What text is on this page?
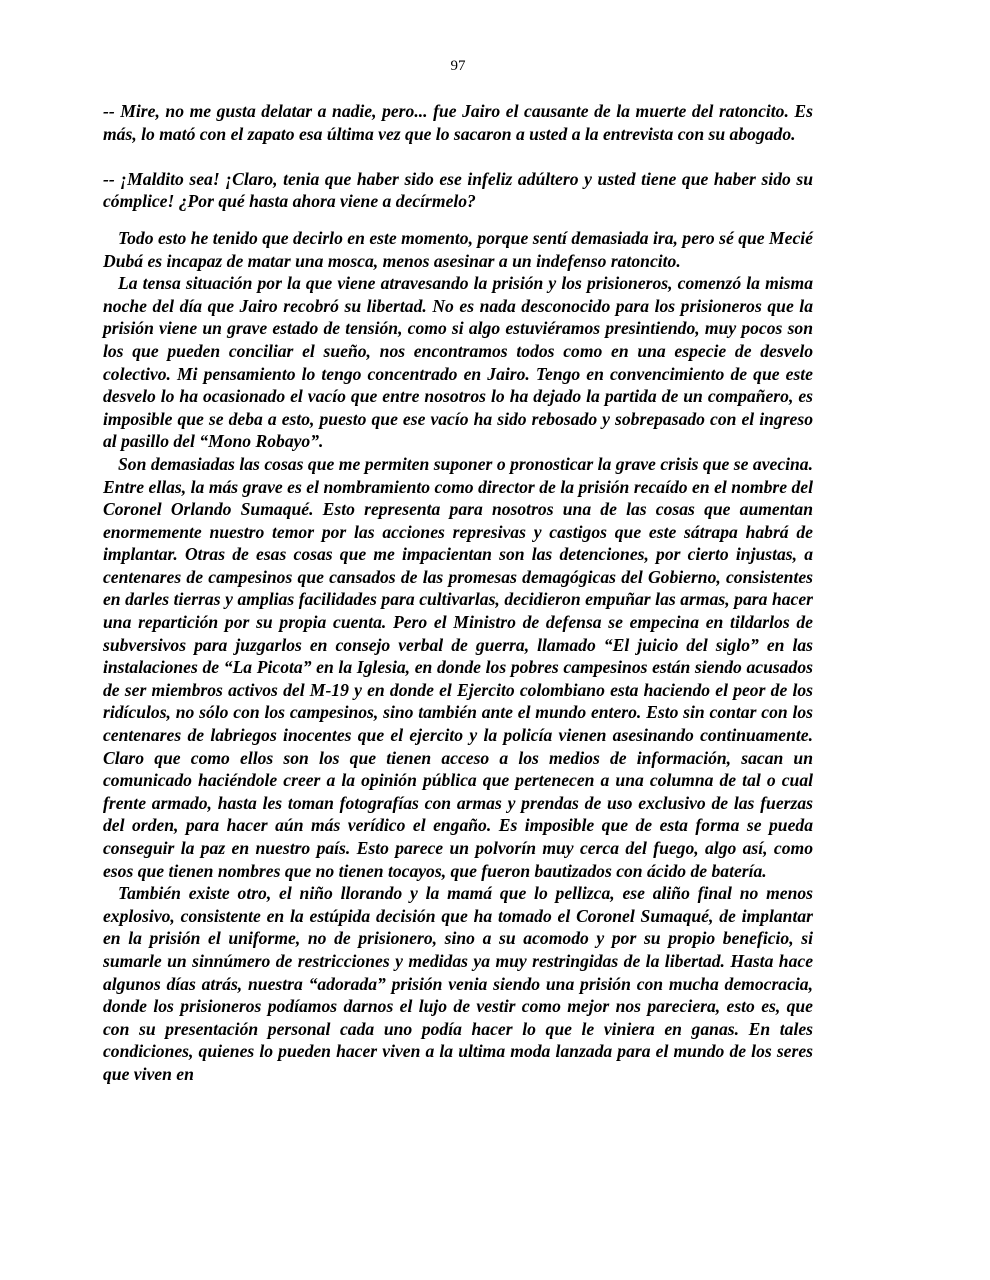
97

-- Mire, no me gusta delatar a nadie, pero... fue Jairo el causante de la muerte del ratoncito. Es más, lo mató con el zapato esa última vez que lo sacaron a usted a la entrevista con su abogado.

-- ¡Maldito sea! ¡Claro, tenia que haber sido ese infeliz adúltero y usted tiene que haber sido su cómplice! ¿Por qué hasta ahora viene a decírmelo?

Todo esto he tenido que decirlo en este momento, porque sentí demasiada ira, pero sé que Mecié Dubá es incapaz de matar una mosca, menos asesinar a un indefenso ratoncito.

La tensa situación por la que viene atravesando la prisión y los prisioneros, comenzó la misma noche del día que Jairo recobró su libertad. No es nada desconocido para los prisioneros que la prisión viene un grave estado de tensión, como si algo estuviéramos presintiendo, muy pocos son los que pueden conciliar el sueño, nos encontramos todos como en una especie de desvelo colectivo. Mi pensamiento lo tengo concentrado en Jairo. Tengo en convencimiento de que este desvelo lo ha ocasionado el vacío que entre nosotros lo ha dejado la partida de un compañero, es imposible que se deba a esto, puesto que ese vacío ha sido rebosado y sobrepasado con el ingreso al pasillo del “Mono Robayo”.

Son demasiadas las cosas que me permiten suponer o pronosticar la grave crisis que se avecina. Entre ellas, la más grave es el nombramiento como director de la prisión recaído en el nombre del Coronel Orlando Sumaqué. Esto representa para nosotros una de las cosas que aumentan enormemente nuestro temor por las acciones represivas y castigos que este sátrapa habrá de implantar. Otras de esas cosas que me impacientan son las detenciones, por cierto injustas, a centenares de campesinos que cansados de las promesas demagógicas del Gobierno, consistentes en darles tierras y amplias facilidades para cultivarlas, decidieron empuñar las armas, para hacer una repartición por su propia cuenta. Pero el Ministro de defensa se empecina en tildarlos de subversivos para juzgarlos en consejo verbal de guerra, llamado “El juicio del siglo” en las instalaciones de “La Picota” en la Iglesia, en donde los pobres campesinos están siendo acusados de ser miembros activos del M-19 y en donde el Ejercito colombiano esta haciendo el peor de los ridículos, no sólo con los campesinos, sino también ante el mundo entero. Esto sin contar con los centenares de labriegos inocentes que el ejercito y la policía vienen asesinando continuamente. Claro que como ellos son los que tienen acceso a los medios de información, sacan un comunicado haciéndole creer a la opinión pública que pertenecen a una columna de tal o cual frente armado, hasta les toman fotografías con armas y prendas de uso exclusivo de las fuerzas del orden, para hacer aún más verídico el engaño. Es imposible que de esta forma se pueda conseguir la paz en nuestro país. Esto parece un polvorín muy cerca del fuego, algo así, como esos que tienen nombres que no tienen tocayos, que fueron bautizados con ácido de batería.

También existe otro, el niño llorando y la mamá que lo pellizca, ese aliño final no menos explosivo, consistente en la estúpida decisión que ha tomado el Coronel Sumaqué, de implantar en la prisión el uniforme, no de prisionero, sino a su acomodo y por su propio beneficio, si sumarle un sinnúmero de restricciones y medidas ya muy restringidas de la libertad. Hasta hace algunos días atrás, nuestra “adorada” prisión venia siendo una prisión con mucha democracia, donde los prisioneros podíamos darnos el lujo de vestir como mejor nos pareciera, esto es, que con su presentación personal cada uno podía hacer lo que le viniera en ganas. En tales condiciones, quienes lo pueden hacer viven a la ultima moda lanzada para el mundo de los seres que viven en
